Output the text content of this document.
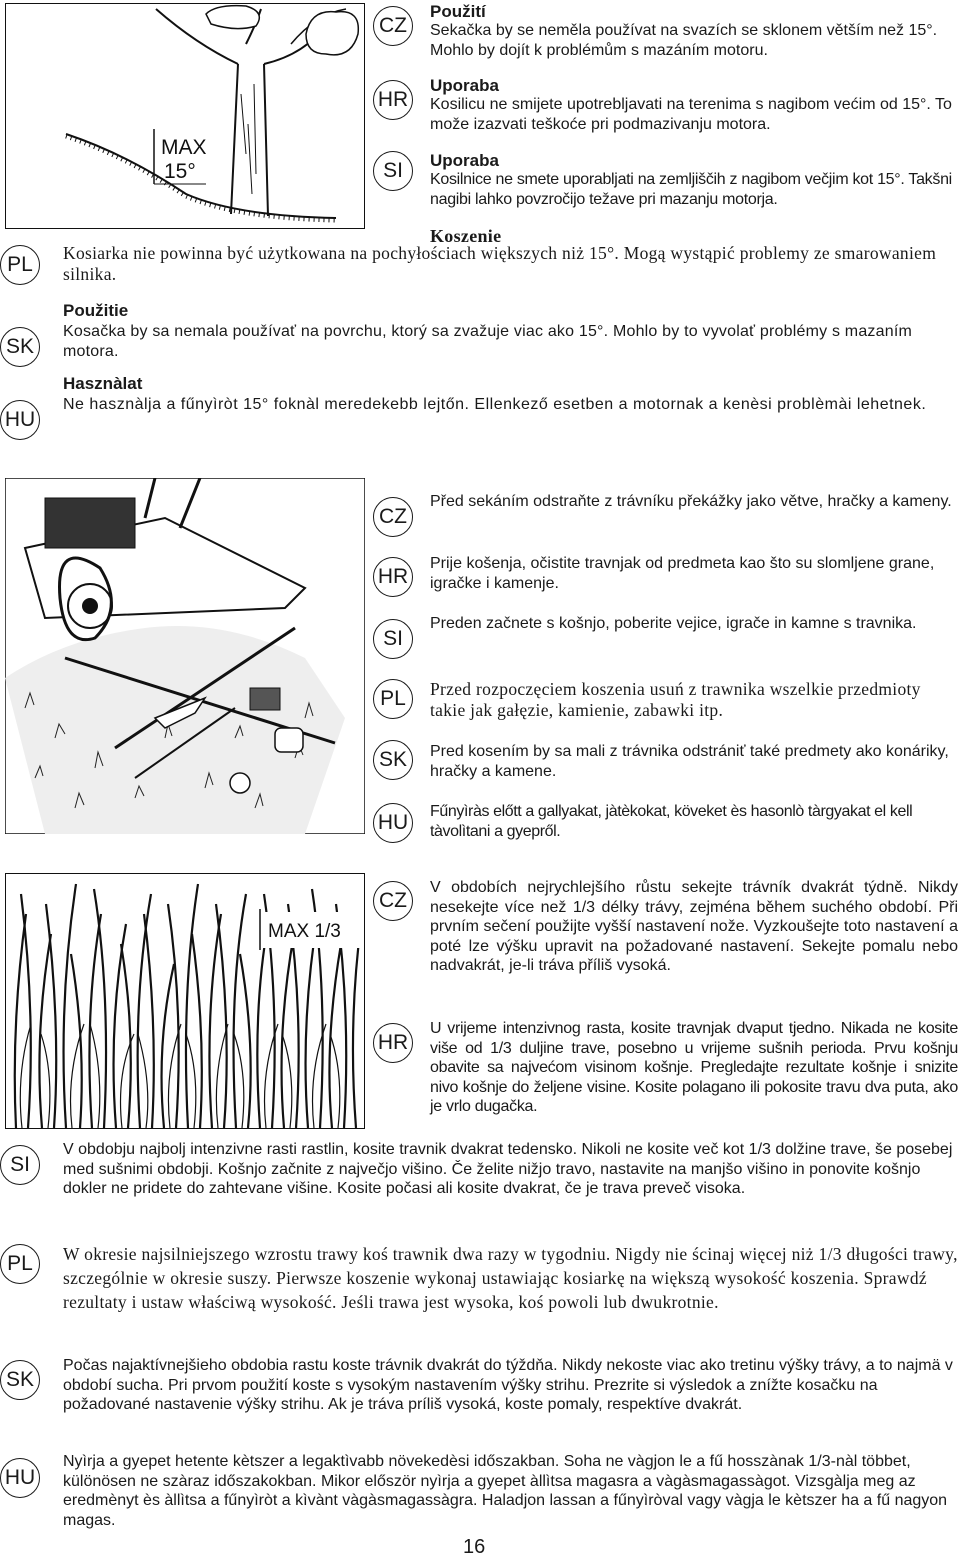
MAX
15°
CZ

Použití

Sekačka by se neměla používat na svazích se sklonem větším než 15°. Mohlo by dojít k problémům s mazáním motoru.

HR

Uporaba

Kosilicu ne smijete upotrebljavati na terenima s nagibom većim od 15°. To može izazvati teškoće pri podmazivanju motora.

SI	Uporaba

Kosilnice ne smete uporabljati na zemljiščih z nagibom večjim kot 15°. Takšni nagibi lahko povzročijo težave pri mazanju motorja.

PL

Koszenie

Kosiarka nie powinna być użytkowana na pochyłościach większych niż 15°. Mogą wystąpić problemy ze smarowaniem silnika.

SK

Použitie

Kosačka by sa nemala používať na povrchu, ktorý sa zvažuje viac ako 15°. Mohlo by to vyvolať problémy s mazaním motora.

HU

Hasznàlat

Ne hasznàlja a fűnyìròt 15° foknàl meredekebb lejtőn. Ellenkező esetben a motornak a kenèsi problèmài lehetnek.

CZ

Před sekáním odstraňte z trávníku překážky jako větve, hračky a kameny.

HR

Prije košenja, očistite travnjak od predmeta kao što su slomljene grane, igračke i kamenje.

SI

Preden začnete s košnjo, poberite vejice, igrače in kamne s travnika.

PL	Przed rozpoczęciem koszenia usuń z trawnika wszelkie przedmioty takie jak gałęzie, kamienie, zabawki itp.

SK	Pred kosením by sa mali z trávnika odstrániť také predmety ako konáriky, hračky a kamene.

HU	Fűnyìràs előtt a gallyakat, jàtèkokat, köveket ès hasonlò tàrgyakat el kell tàvolìtani a gyepről.

MAX 1/3
CZ

V obdobích nejrychlejšího růstu sekejte trávník dvakrát týdně. Nikdy nesekejte více než 1/3 délky trávy, zejména během suchého období. Při prvním sečení použijte vyšší nastavení nože. Vyzkoušejte toto nastavení a poté lze výšku upravit na požadované nastavení. Sekejte pomalu nebo nadvakrát, je-li tráva příliš vysoká.

HR

U vrijeme intenzivnog rasta, kosite travnjak dvaput tjedno. Nikada ne kosite više od 1/3 duljine trave, posebno u vrijeme sušnih perioda. Prvu košnju obavite sa najvećom visinom košnje. Pregledajte rezultate košnje i snizite nivo košnje do željene visine. Kosite polagano ili pokosite travu dva puta, ako je vrlo dugačka.

SI

V obdobju najbolj intenzivne rasti rastlin, kosite travnik dvakrat tedensko. Nikoli ne kosite več kot 1/3 dolžine trave, še posebej med sušnimi obdobji. Košnjo začnite z največjo višino. Če želite nižjo travo, nastavite na manjšo višino in ponovite košnjo dokler ne pridete do zahtevane višine. Kosite počasi ali kosite dvakrat, če je trava preveč visoka.

PL	W okresie najsilniejszego wzrostu trawy koś trawnik dwa razy w tygodniu. Nigdy nie ścinaj więcej niż 1/3 długości trawy, szczególnie w okresie suszy. Pierwsze koszenie wykonaj ustawiając kosiarkę na większą wysokość koszenia. Sprawdź rezultaty i ustaw właściwą wysokość. Jeśli trawa jest wysoka, koś powoli lub dwukrotnie.

SK

Počas najaktívnejšieho obdobia rastu koste trávnik dvakrát do týždňa. Nikdy nekoste viac ako tretinu výšky trávy, a to najmä v období sucha. Pri prvom použití koste s vysokým nastavením výšky strihu. Prezrite si výsledok a znížte kosačku na požadované nastavenie výšky strihu. Ak je tráva príliš vysoká, koste pomaly, respektíve dvakrát.

HU

Nyìrja a gyepet hetente kètszer a legaktìvabb növekedèsi időszakban. Soha ne vàgjon le a fű hosszànak 1/3-nàl többet, különösen ne szàraz időszakokban. Mikor először nyìrja a gyepet àllìtsa magasra a vàgàsmagassàgot. Vizsgàlja meg az eredmènyt ès àllìtsa a fűnyìròt a kìvànt vàgàsmagassàgra. Haladjon lassan a fűnyìròval vagy vàgja le kètszer ha a fű nagyon magas.

16
